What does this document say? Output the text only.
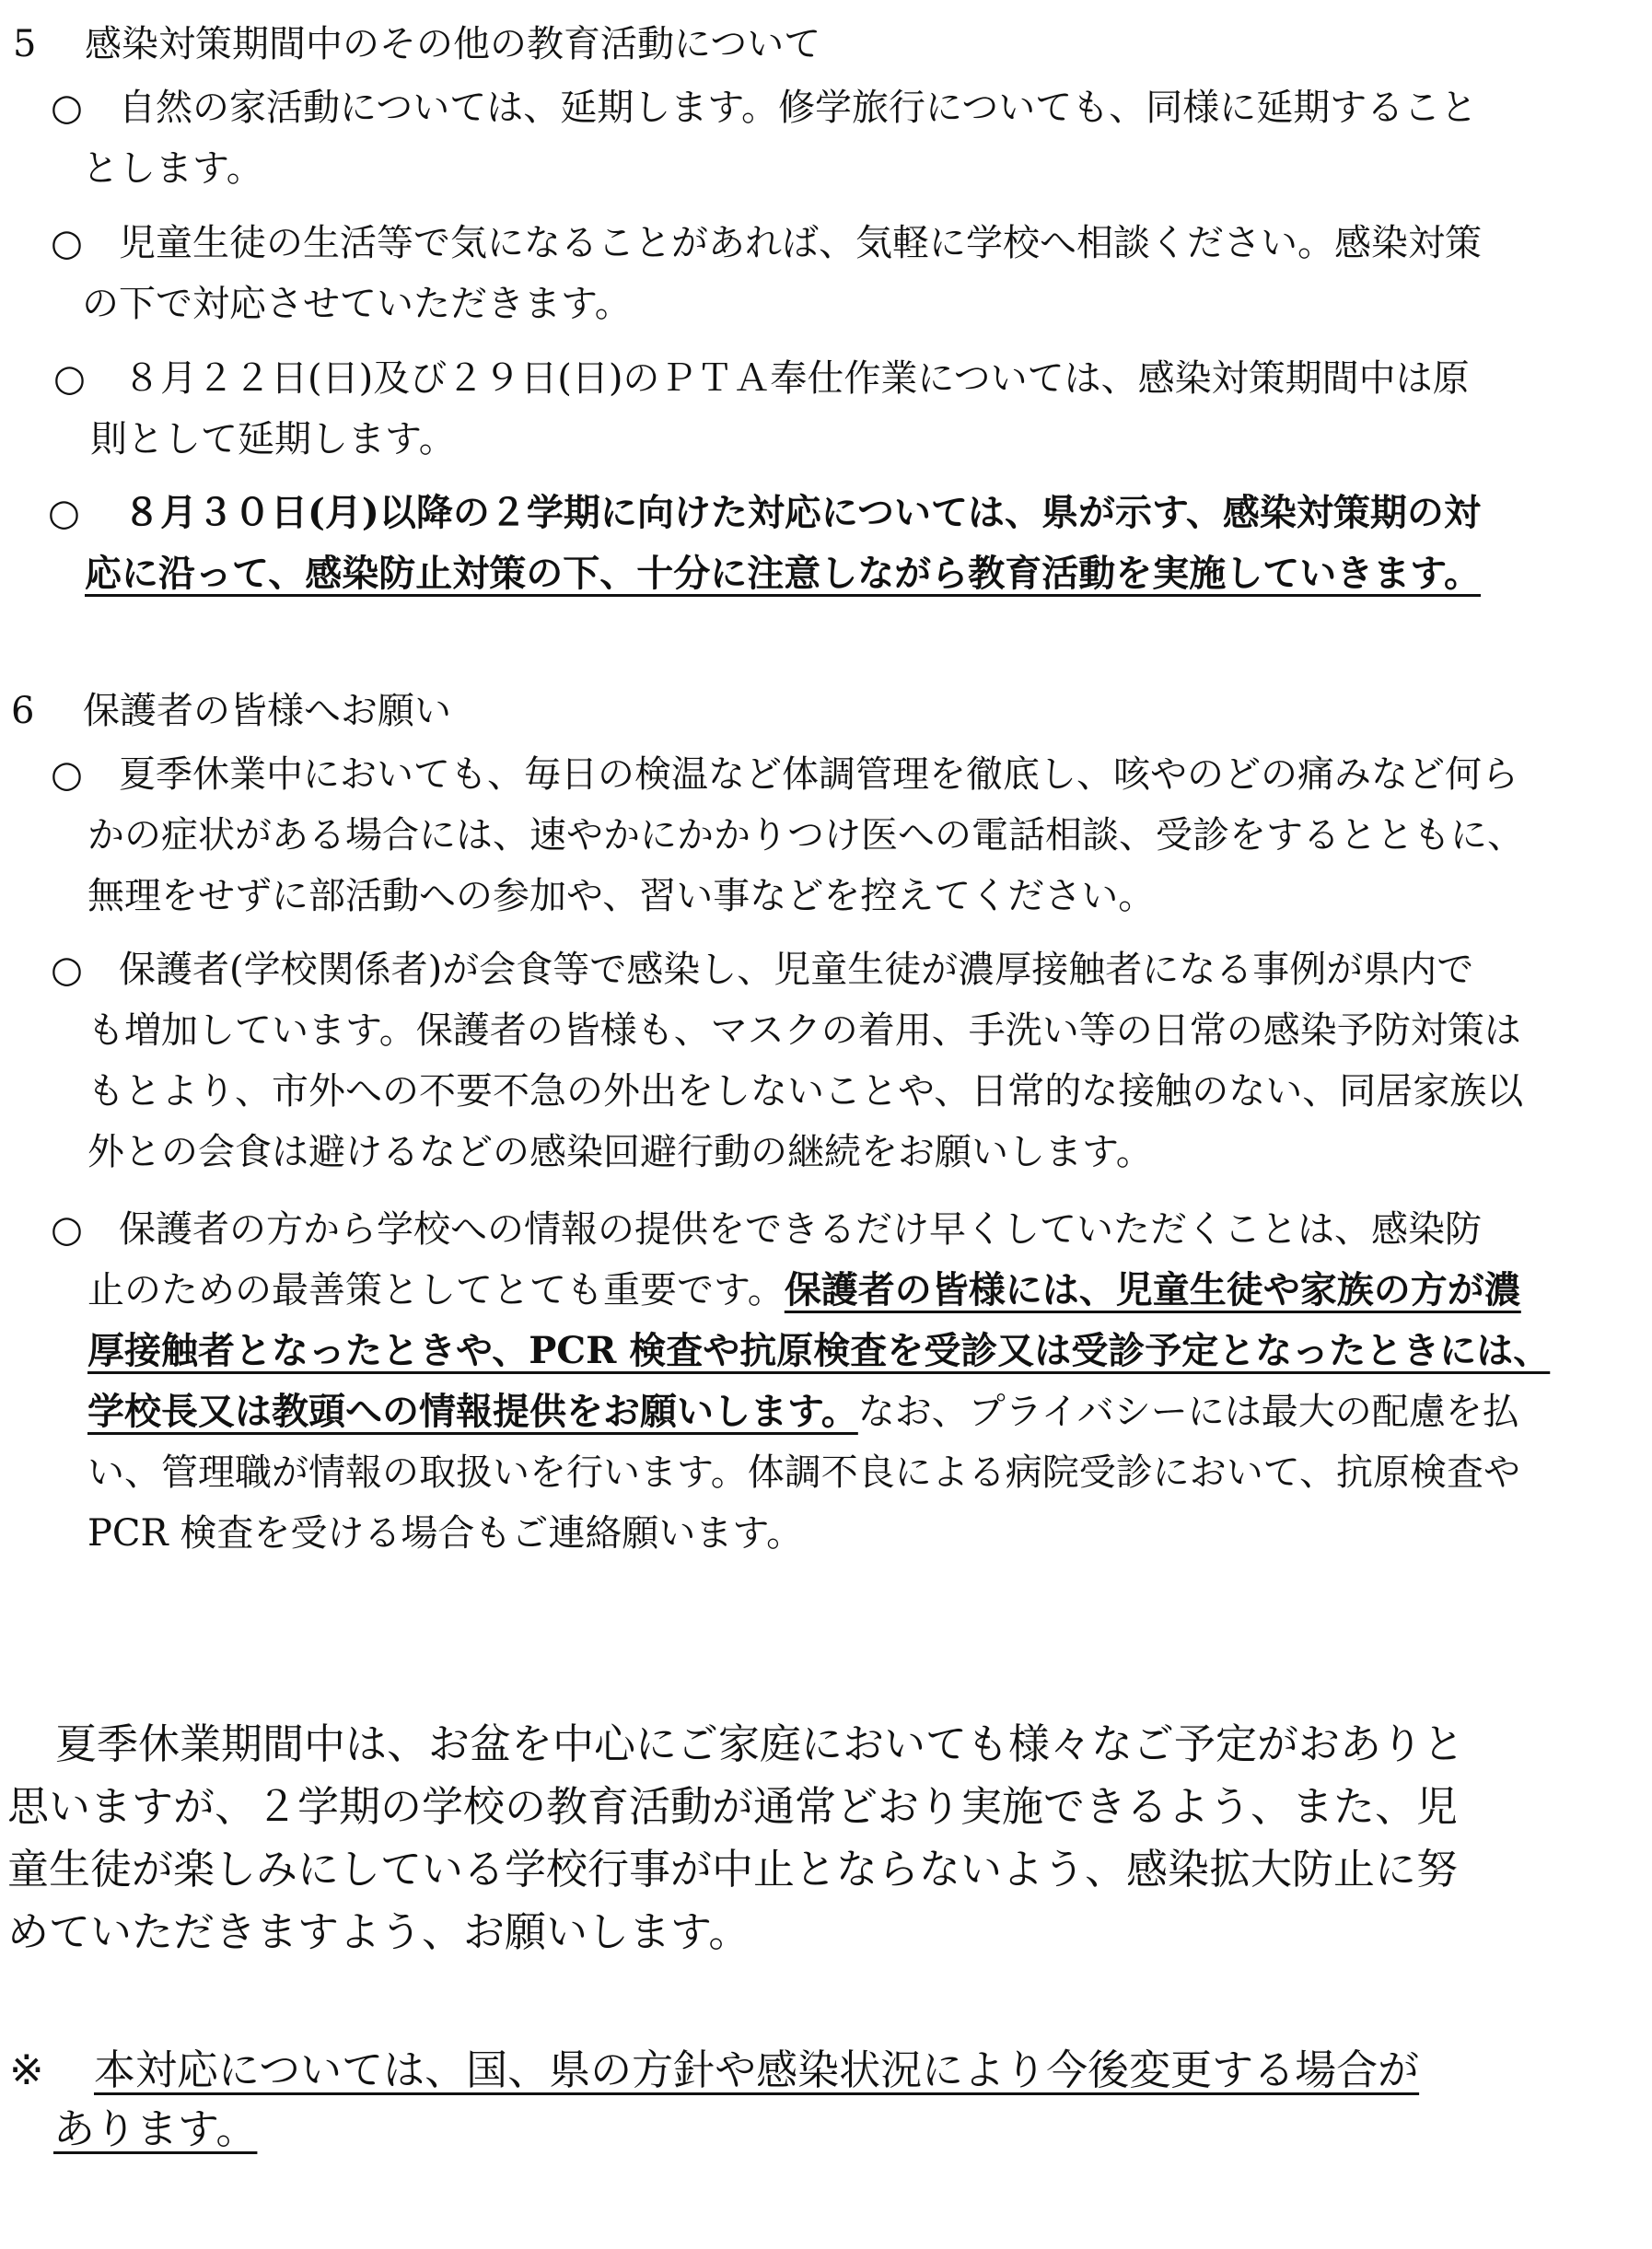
5 感染対策期間中のその他の教育活動について
○ 自然の家活動については、延期します。修学旅行についても、同様に延期すること
とします。
○ 児童生徒の生活等で気になることがあれば、気軽に学校へ相談ください。感染対策
の下で対応させていただきます。
○ ８月２２日(日)及び２９日(日)のＰＴＡ奉仕作業については、感染対策期間中は原
則として延期します。
○ ８月３０日(月)以降の２学期に向けた対応については、県が示す、感染対策期の対
応に沿って、感染防止対策の下、十分に注意しながら教育活動を実施していきます。
6 保護者の皆様へお願い
○ 夏季休業中においても、毎日の検温など体調管理を徹底し、咳やのどの痛みなど何ら
かの症状がある場合には、速やかにかかりつけ医への電話相談、受診をするとともに、
無理をせずに部活動への参加や、習い事などを控えてください。
○ 保護者(学校関係者)が会食等で感染し、児童生徒が濃厚接触者になる事例が県内で
も増加しています。保護者の皆様も、マスクの着用、手洗い等の日常の感染予防対策は
もとより、市外への不要不急の外出をしないことや、日常的な接触のない、同居家族以
外との会食は避けるなどの感染回避行動の継続をお願いします。
○ 保護者の方から学校への情報の提供をできるだけ早くしていただくことは、感染防
止のための最善策としてとても重要です。保護者の皆様には、児童生徒や家族の方が濃
厚接触者となったときや、PCR 検査や抗原検査を受診又は受診予定となったときには、
学校長又は教頭への情報提供をお願いします。なお、プライバシーには最大の配慮を払
い、管理職が情報の取扱いを行います。体調不良による病院受診において、抗原検査や
PCR 検査を受ける場合もご連絡願います。
夏季休業期間中は、お盆を中心にご家庭においても様々なご予定がおありと
思いますが、２学期の学校の教育活動が通常どおり実施できるよう、また、児
童生徒が楽しみにしている学校行事が中止とならないよう、感染拡大防止に努
めていただきますよう、お願いします。
※ 本対応については、国、県の方針や感染状況により今後変更する場合が
あります。
